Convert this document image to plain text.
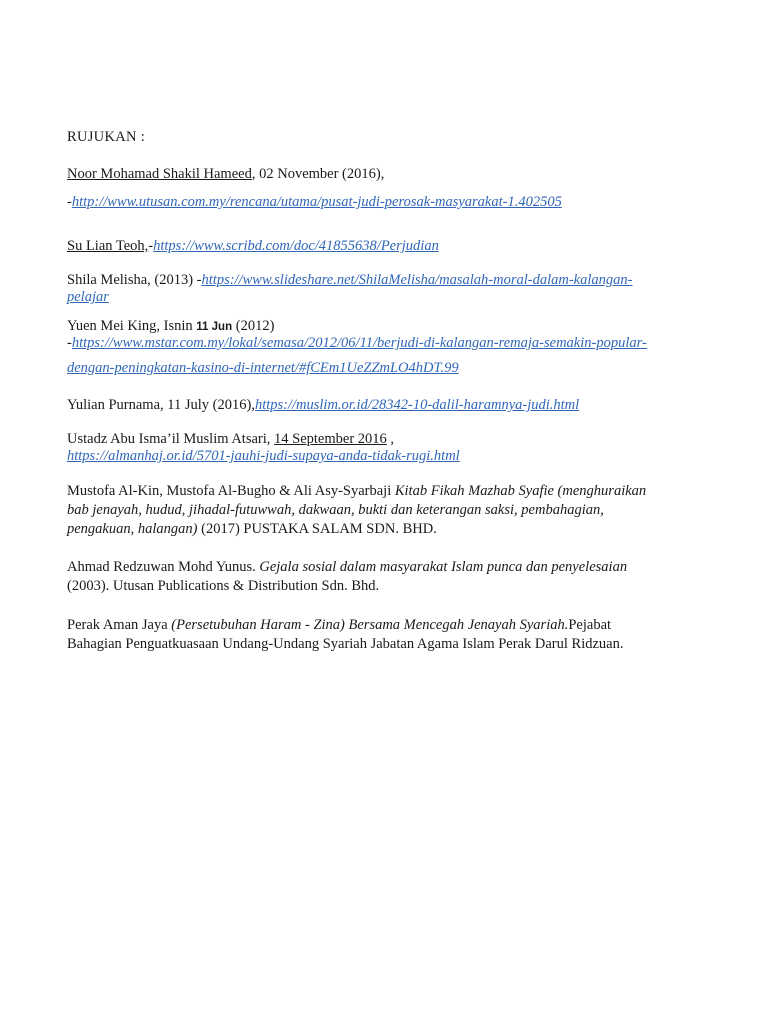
RUJUKAN :
Noor Mohamad Shakil Hameed, 02 November (2016),
-http://www.utusan.com.my/rencana/utama/pusat-judi-perosak-masyarakat-1.402505
Su Lian Teoh,-https://www.scribd.com/doc/41855638/Perjudian
Shila Melisha, (2013) -https://www.slideshare.net/ShilaMelisha/masalah-moral-dalam-kalangan-
pelajar
Yuen Mei King, Isnin 11 Jun (2012)
-https://www.mstar.com.my/lokal/semasa/2012/06/11/berjudi-di-kalangan-remaja-semakin-popular-
dengan-peningkatan-kasino-di-internet/#fCEm1UeZZmLO4hDT.99
Yulian Purnama, 11 July (2016),https://muslim.or.id/28342-10-dalil-haramnya-judi.html
Ustadz Abu Isma’il Muslim Atsari, 14 September 2016 ,
https://almanhaj.or.id/5701-jauhi-judi-supaya-anda-tidak-rugi.html
Mustofa Al-Kin, Mustofa Al-Bugho & Ali Asy-Syarbaji Kitab Fikah Mazhab Syafie (menghuraikan
bab jenayah, hudud, jihadal-futuwwah, dakwaan, bukti dan keterangan saksi, pembahagian,
pengakuan, halangan) (2017) PUSTAKA SALAM SDN. BHD.
Ahmad Redzuwan Mohd Yunus. Gejala sosial dalam masyarakat Islam punca dan penyelesaian
(2003). Utusan Publications & Distribution Sdn. Bhd.
Perak Aman Jaya (Persetubuhan Haram - Zina) Bersama Mencegah Jenayah Syariah.Pejabat
Bahagian Penguatkuasaan Undang-Undang Syariah Jabatan Agama Islam Perak Darul Ridzuan.
